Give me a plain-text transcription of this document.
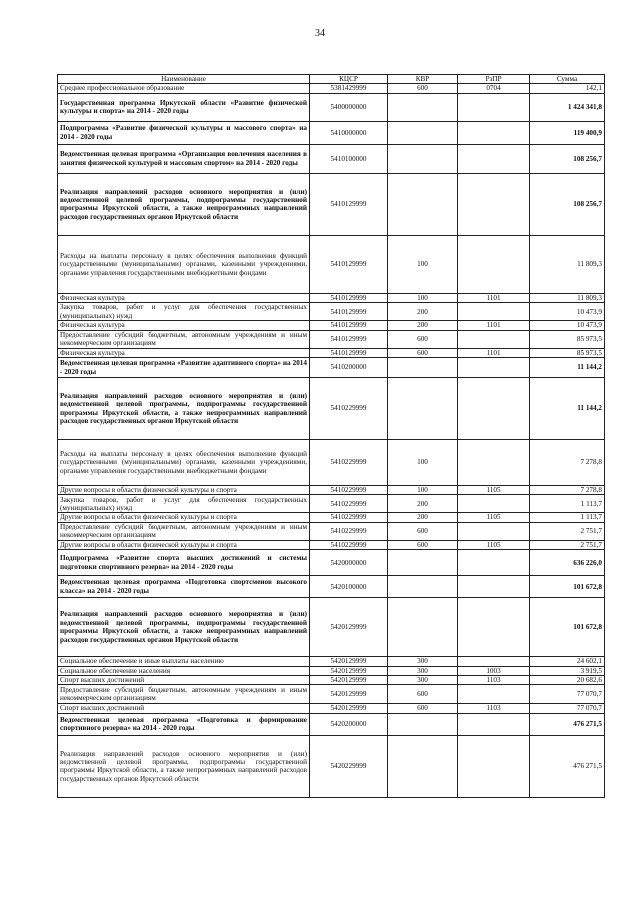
34
Наименование	КЦСР	КВР	РзПР	Сумма
Среднее профессиональное образование	5381429999	600	0704	142,1
Государственная программа Иркутской области «Развитие физической культуры и спорта» на 2014 - 2020 годы	5400000000			1 424 341,8
Подпрограмма «Развитие физической культуры и массового спорта» на 2014 - 2020 годы	5410000000			119 400,9
Ведомственная целевая программа «Организация вовлечения населения в занятия физической культурой и массовым спортом» на 2014 - 2020 годы	5410100000			108 256,7
Реализация направлений расходов основного мероприятия и (или) ведомственной целевой программы, подпрограммы государственной программы Иркутской области, а также непрограммных направлений расходов государственных органов Иркутской области	5410129999			108 256,7
Расходы на выплаты персоналу в целях обеспечения выполнения функций государственными (муниципальными) органами, казенными учреждениями, органами управления государственными внебюджетными фондами	5410129999	100		11 809,3
Физическая культура	5410129999	100	1101	11 809,3
Закупка товаров, работ и услуг для обеспечения государственных (муниципальных) нужд	5410129999	200		10 473,9
Физическая культура	5410129999	200	1101	10 473,9
Предоставление субсидий бюджетным, автономным учреждениям и иным некоммерческим организациям	5410129999	600		85 973,5
Физическая культура	5410129999	600	1101	85 973,5
Ведомственная целевая программа «Развитие адаптивного спорта» на 2014 - 2020 годы	5410200000			11 144,2
Реализация направлений расходов основного мероприятия и (или) ведомственной целевой программы, подпрограммы государственной программы Иркутской области, а также непрограммных направлений расходов государственных органов Иркутской области	5410229999			11 144,2
Расходы на выплаты персоналу в целях обеспечения выполнения функций государственными (муниципальными) органами, казенными учреждениями, органами управления государственными внебюджетными фондами	5410229999	100		7 278,8
Другие вопросы в области физической культуры и спорта	5410229999	100	1105	7 278,8
Закупка товаров, работ и услуг для обеспечения государственных (муниципальных) нужд	5410229999	200		1 113,7
Другие вопросы в области физической культуры и спорта	5410229999	200	1105	1 113,7
Предоставление субсидий бюджетным, автономным учреждениям и иным некоммерческим организациям	5410229999	600		2 751,7
Другие вопросы в области физической культуры и спорта	5410229999	600	1105	2 751,7
Подпрограмма «Развитие спорта высших достижений и системы подготовки спортивного резерва» на 2014 - 2020 годы	5420000000			636 226,0
Ведомственная целевая программа «Подготовка спортсменов высокого класса» на 2014 - 2020 годы	5420100000			101 672,8
Реализация направлений расходов основного мероприятия и (или) ведомственной целевой программы, подпрограммы государственной программы Иркутской области, а также непрограммных направлений расходов государственных органов Иркутской области	5420129999			101 672,8
Социальное обеспечение и иные выплаты населению	5420129999	300		24 602,1
Социальное обеспечение населения	5420129999	300	1003	3 919,5
Спорт высших достижений	5420129999	300	1103	20 682,6
Предоставление субсидий бюджетным, автономным учреждениям и иным некоммерческим организациям	5420129999	600		77 070,7
Спорт высших достижений	5420129999	600	1103	77 070,7
Ведомственная целевая программа «Подготовка и формирование спортивного резерва» на 2014 - 2020 годы	5420200000			476 271,5
Реализация направлений расходов основного мероприятия и (или) ведомственной целевой программы, подпрограммы государственной программы Иркутской области, а также непрограммных направлений расходов государственных органов Иркутской области	5420229999			476 271,5
